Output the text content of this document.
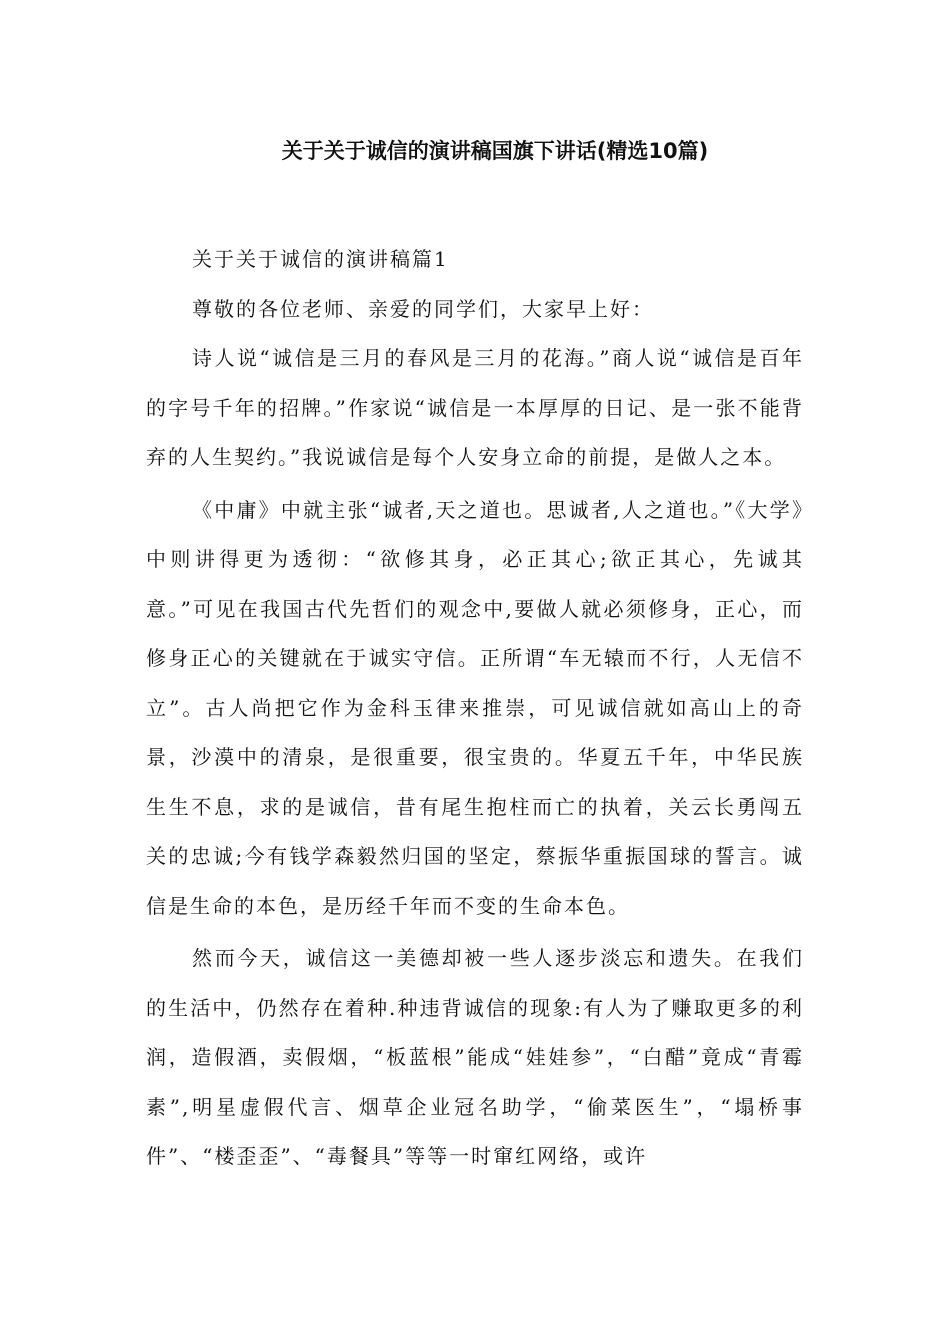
关于关于诚信的演讲稿国旗下讲话(精选10篇)

关于关于诚信的演讲稿篇1

尊敬的各位老师、亲爱的同学们，大家早上好：

诗人说“诚信是三月的春风是三月的花海。”商人说“诚信是百年的字号千年的招牌。”作家说“诚信是一本厚厚的日记、是一张不能背弃的人生契约。”我说诚信是每个人安身立命的前提，是做人之本。

《中庸》中就主张“诚者,天之道也。思诚者,人之道也。”《大学》中则讲得更为透彻：“欲修其身，必正其心;欲正其心，先诚其意。”可见在我国古代先哲们的观念中,要做人就必须修身，正心，而修身正心的关键就在于诚实守信。正所谓“车无辕而不行，人无信不立”。古人尚把它作为金科玉律来推崇，可见诚信就如高山上的奇景，沙漠中的清泉，是很重要，很宝贵的。华夏五千年，中华民族生生不息，求的是诚信，昔有尾生抱柱而亡的执着，关云长勇闯五关的忠诚;今有钱学森毅然归国的坚定，蔡振华重振国球的誓言。诚信是生命的本色，是历经千年而不变的生命本色。

然而今天，诚信这一美德却被一些人逐步淡忘和遗失。在我们的生活中，仍然存在着种.种违背诚信的现象:有人为了赚取更多的利润，造假酒，卖假烟，“板蓝根”能成“娃娃参”，“白醋”竟成“青霉素”,明星虚假代言、烟草企业冠名助学，“偷菜医生”，“塌桥事件”、“楼歪歪”、“毒餐具”等等一时窜红网络，或许
